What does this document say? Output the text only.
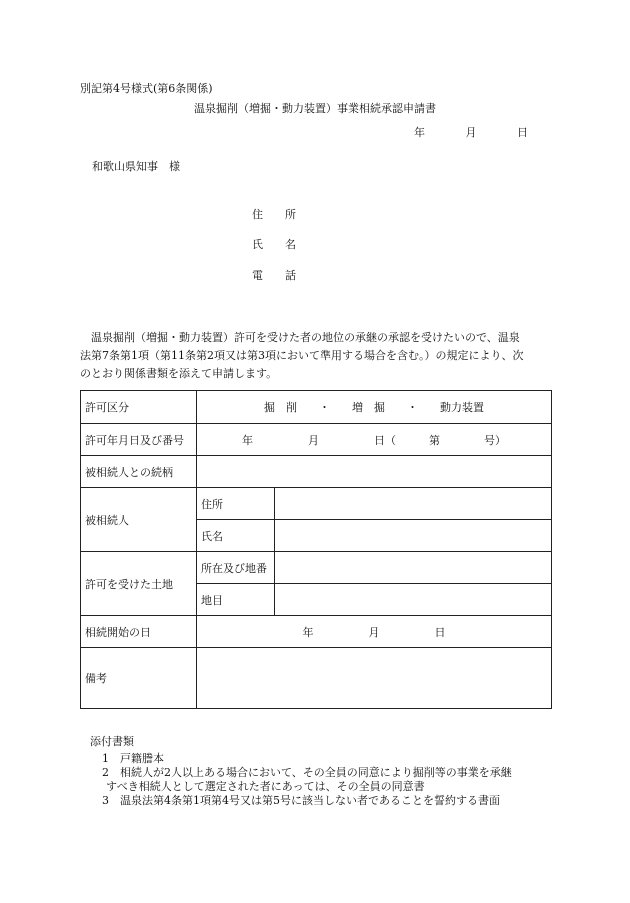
別記第4号様式(第6条関係)
温泉掘削（増掘・動力装置）事業相続承認申請書
年	月	日
和歌山県知事　様
住　　所
氏　　名
電　　話

温泉掘削（増掘・動力装置）許可を受けた者の地位の承継の承認を受けたいので、温泉

法第7条第1項（第11条第2項又は第3項において準用する場合を含む。）の規定により、次

のとおり関係書類を添えて申請します。

許可区分	掘　削　　・　　増　掘　　・　　動力装置	
許可年月日及び番号	年　　　　　月　　　　　日（　　　第　　　　号）	
被相続人との続柄		
被相続人	住所	
	氏名	
許可を受けた土地	所在及び地番	
	地目	
相続開始の日	年　　　　　月　　　　　日	
備考		
添付書類
1　戸籍謄本
2　相続人が2人以上ある場合において、その全員の同意により掘削等の事業を承継
すべき相続人として選定された者にあっては、その全員の同意書
3　温泉法第4条第1項第4号又は第5号に該当しない者であることを誓約する書面
